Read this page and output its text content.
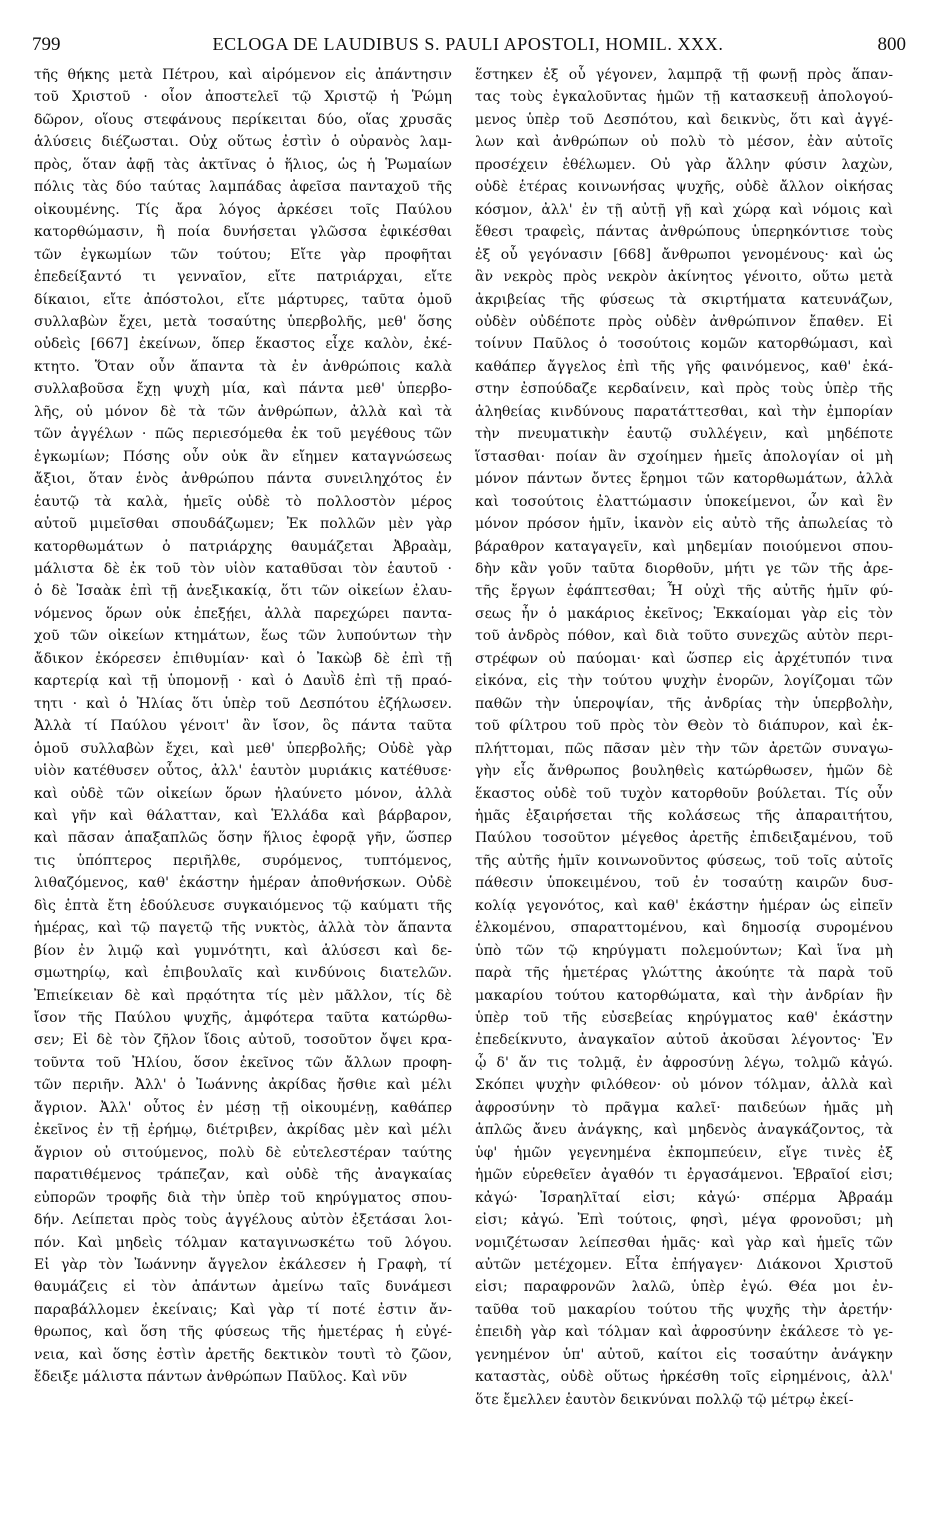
799	ECLOGA DE LAUDIBUS S. PAULI APOSTOLI, HOMIL. XXX.	800
τῆς θήκης μετὰ Πέτρου, καὶ αἱρόμενον εἰς ἀπάντησιν
τοῦ Χριστοῦ · οἷον ἀποστελεῖ τῷ Χριστῷ ἡ Ῥώμη
δῶρον, οἵους στεφάνους περίκειται δύο, οἵας χρυσᾶς
ἁλύσεις διέζωσται. Οὐχ οὕτως ἐστὶν ὁ οὐρανὸς λαμ-
πρὸς, ὅταν ἀφῇ τὰς ἀκτῖνας ὁ ἥλιος, ὡς ἡ Ῥωμαίων
πόλις τὰς δύο ταύτας λαμπάδας ἀφεῖσα πανταχοῦ τῆς
οἰκουμένης. Τίς ἄρα λόγος ἀρκέσει τοῖς Παύλου
κατορθώμασιν, ἢ ποία δυνήσεται γλῶσσα ἐφικέσθαι
τῶν ἐγκωμίων τῶν τούτου; Εἴτε γὰρ προφῆται
ἐπεδείξαντό τι γενναῖον, εἴτε πατριάρχαι, εἴτε
δίκαιοι, εἴτε ἀπόστολοι, εἴτε μάρτυρες, ταῦτα ὁμοῦ
συλλαβὼν ἔχει, μετὰ τοσαύτης ὑπερβολῆς, μεθ' ὅσης
οὐδεὶς [667] ἐκείνων, ὅπερ ἕκαστος εἶχε καλὸν, ἐκέ-
κτητο. Ὅταν οὖν ἅπαντα τὰ ἐν ἀνθρώποις καλὰ
συλλαβοῦσα ἔχῃ ψυχὴ μία, καὶ πάντα μεθ' ὑπερβο-
λῆς, οὐ μόνον δὲ τὰ τῶν ἀνθρώπων, ἀλλὰ καὶ τὰ
τῶν ἀγγέλων · πῶς περιεσόμεθα ἐκ τοῦ μεγέθους τῶν
ἐγκωμίων; Πόσης οὖν οὐκ ἂν εἴημεν καταγνώσεως
ἄξιοι, ὅταν ἑνὸς ἀνθρώπου πάντα συνειληχότος ἐν
ἑαυτῷ τὰ καλὰ, ἡμεῖς οὐδὲ τὸ πολλοστὸν μέρος
αὐτοῦ μιμεῖσθαι σπουδάζωμεν; Ἐκ πολλῶν μὲν γὰρ
κατορθωμάτων ὁ πατριάρχης θαυμάζεται Ἀβραὰμ,
μάλιστα δὲ ἐκ τοῦ τὸν υἱὸν καταθῦσαι τὸν ἑαυτοῦ ·
ὁ δὲ Ἰσαὰκ ἐπὶ τῇ ἀνεξικακίᾳ, ὅτι τῶν οἰκείων ἐλαυ-
νόμενος ὅρων οὐκ ἐπεξῄει, ἀλλὰ παρεχώρει παντα-
χοῦ τῶν οἰκείων κτημάτων, ἕως τῶν λυπούντων τὴν
ἄδικον ἐκόρεσεν ἐπιθυμίαν· καὶ ὁ Ἰακὼβ δὲ ἐπὶ τῇ
καρτερίᾳ καὶ τῇ ὑπομονῇ · καὶ ὁ Δαυῒδ ἐπὶ τῇ πραό-
τητι · καὶ ὁ Ἠλίας ὅτι ὑπὲρ τοῦ Δεσπότου ἐζήλωσεν.
Ἀλλὰ τί Παύλου γένοιτ' ἂν ἴσον, ὃς πάντα ταῦτα
ὁμοῦ συλλαβὼν ἔχει, καὶ μεθ' ὑπερβολῆς; Οὐδὲ γὰρ
υἱὸν κατέθυσεν οὗτος, ἀλλ' ἑαυτὸν μυριάκις κατέθυσε·
καὶ οὐδὲ τῶν οἰκείων ὅρων ἠλαύνετο μόνον, ἀλλὰ
καὶ γῆν καὶ θάλατταν, καὶ Ἑλλάδα καὶ βάρβαρον,
καὶ πᾶσαν ἁπαξαπλῶς ὅσην ἥλιος ἐφορᾷ γῆν, ὥσπερ
τις ὑπόπτερος περιῆλθε, συρόμενος, τυπτόμενος,
λιθαζόμενος, καθ' ἑκάστην ἡμέραν ἀποθνήσκων. Οὐδὲ
δὶς ἑπτὰ ἔτη ἐδούλευσε συγκαιόμενος τῷ καύματι τῆς
ἡμέρας, καὶ τῷ παγετῷ τῆς νυκτὸς, ἀλλὰ τὸν ἅπαντα
βίον ἐν λιμῷ καὶ γυμνότητι, καὶ ἁλύσεσι καὶ δε-
σμωτηρίῳ, καὶ ἐπιβουλαῖς καὶ κινδύνοις διατελῶν.
Ἐπιείκειαν δὲ καὶ πρᾳότητα τίς μὲν μᾶλλον, τίς δὲ
ἴσον τῆς Παύλου ψυχῆς, ἀμφότερα ταῦτα κατώρθω-
σεν; Εἰ δὲ τὸν ζῆλον ἴδοις αὐτοῦ, τοσοῦτον ὄψει κρα-
τοῦντα τοῦ Ἠλίου, ὅσον ἐκεῖνος τῶν ἄλλων προφη-
τῶν περιῆν. Ἀλλ' ὁ Ἰωάννης ἀκρίδας ἤσθιε καὶ μέλι
ἄγριον. Ἀλλ' οὗτος ἐν μέσῃ τῇ οἰκουμένῃ, καθάπερ
ἐκεῖνος ἐν τῇ ἐρήμῳ, διέτριβεν, ἀκρίδας μὲν καὶ μέλι
ἄγριον οὐ σιτούμενος, πολὺ δὲ εὐτελεστέραν ταύτης
παρατιθέμενος τράπεζαν, καὶ οὐδὲ τῆς ἀναγκαίας
εὐπορῶν τροφῆς διὰ τὴν ὑπὲρ τοῦ κηρύγματος σπου-
δήν. Λείπεται πρὸς τοὺς ἀγγέλους αὐτὸν ἐξετάσαι λοι-
πόν. Καὶ μηδεὶς τόλμαν καταγινωσκέτω τοῦ λόγου.
Εἰ γὰρ τὸν Ἰωάννην ἄγγελον ἐκάλεσεν ἡ Γραφὴ, τί
θαυμάζεις εἰ τὸν ἁπάντων ἀμείνω ταῖς δυνάμεσι
παραβάλλομεν ἐκείναις; Καὶ γὰρ τί ποτέ ἐστιν ἄν-
θρωπος, καὶ ὅση τῆς φύσεως τῆς ἡμετέρας ἡ εὐγέ-
νεια, καὶ ὅσης ἐστὶν ἀρετῆς δεκτικὸν τουτὶ τὸ ζῶον,
ἔδειξε μάλιστα πάντων ἀνθρώπων Παῦλος. Καὶ νῦν
ἕστηκεν ἐξ οὗ γέγονεν, λαμπρᾷ τῇ φωνῇ πρὸς ἅπαν-
τας τοὺς ἐγκαλοῦντας ἡμῶν τῇ κατασκευῇ ἀπολογού-
μενος ὑπὲρ τοῦ Δεσπότου, καὶ δεικνὺς, ὅτι καὶ ἀγγέ-
λων καὶ ἀνθρώπων οὐ πολὺ τὸ μέσον, ἐὰν αὐτοῖς
προσέχειν ἐθέλωμεν. Οὐ γὰρ ἄλλην φύσιν λαχὼν,
οὐδὲ ἑτέρας κοινωνήσας ψυχῆς, οὐδὲ ἄλλον οἰκήσας
κόσμον, ἀλλ' ἐν τῇ αὐτῇ γῇ καὶ χώρᾳ καὶ νόμοις καὶ
ἔθεσι τραφεὶς, πάντας ἀνθρώπους ὑπερηκόντισε τοὺς
ἐξ οὗ γεγόνασιν [668] ἄνθρωποι γενομένους· καὶ ὡς
ἂν νεκρὸς πρὸς νεκρὸν ἀκίνητος γένοιτο, οὕτω μετὰ
ἀκριβείας τῆς φύσεως τὰ σκιρτήματα κατευνάζων,
οὐδὲν οὐδέποτε πρὸς οὐδὲν ἀνθρώπινον ἔπαθεν. Εἰ
τοίνυν Παῦλος ὁ τοσούτοις κομῶν κατορθώμασι, καὶ
καθάπερ ἄγγελος ἐπὶ τῆς γῆς φαινόμενος, καθ' ἑκά-
στην ἐσπούδαζε κερδαίνειν, καὶ πρὸς τοὺς ὑπὲρ τῆς
ἀληθείας κινδύνους παρατάττεσθαι, καὶ τὴν ἐμπορίαν
τὴν πνευματικὴν ἑαυτῷ συλλέγειν, καὶ μηδέποτε
ἵστασθαι· ποίαν ἂν σχοίημεν ἡμεῖς ἀπολογίαν οἱ μὴ
μόνον πάντων ὄντες ἔρημοι τῶν κατορθωμάτων, ἀλλὰ
καὶ τοσούτοις ἐλαττώμασιν ὑποκείμενοι, ὧν καὶ ἓν
μόνον πρόσον ἡμῖν, ἱκανὸν εἰς αὐτὸ τῆς ἀπωλείας τὸ
βάραθρον καταγαγεῖν, καὶ μηδεμίαν ποιούμενοι σπου-
δὴν κἂν γοῦν ταῦτα διορθοῦν, μήτι γε τῶν τῆς ἀρε-
τῆς ἔργων ἐφάπτεσθαι; Ἦ οὐχὶ τῆς αὐτῆς ἡμῖν φύ-
σεως ἦν ὁ μακάριος ἐκεῖνος; Ἐκκαίομαι γὰρ εἰς τὸν
τοῦ ἀνδρὸς πόθον, καὶ διὰ τοῦτο συνεχῶς αὐτὸν περι-
στρέφων οὐ παύομαι· καὶ ὥσπερ εἰς ἀρχέτυπόν τινα
εἰκόνα, εἰς τὴν τούτου ψυχὴν ἐνορῶν, λογίζομαι τῶν
παθῶν τὴν ὑπεροψίαν, τῆς ἀνδρίας τὴν ὑπερβολὴν,
τοῦ φίλτρου τοῦ πρὸς τὸν Θεὸν τὸ διάπυρον, καὶ ἐκ-
πλήττομαι, πῶς πᾶσαν μὲν τὴν τῶν ἀρετῶν συναγω-
γὴν εἷς ἄνθρωπος βουληθεὶς κατώρθωσεν, ἡμῶν δὲ
ἕκαστος οὐδὲ τοῦ τυχὸν κατορθοῦν βούλεται. Τίς οὖν
ἡμᾶς ἐξαιρήσεται τῆς κολάσεως τῆς ἀπαραιτήτου,
Παύλου τοσοῦτον μέγεθος ἀρετῆς ἐπιδειξαμένου, τοῦ
τῆς αὐτῆς ἡμῖν κοινωνοῦντος φύσεως, τοῦ τοῖς αὐτοῖς
πάθεσιν ὑποκειμένου, τοῦ ἐν τοσαύτῃ καιρῶν δυσ-
κολίᾳ γεγονότος, καὶ καθ' ἑκάστην ἡμέραν ὡς εἰπεῖν
ἑλκομένου, σπαραττομένου, καὶ δημοσίᾳ συρομένου
ὑπὸ τῶν τῷ κηρύγματι πολεμούντων; Καὶ ἵνα μὴ
παρὰ τῆς ἡμετέρας γλώττης ἀκούητε τὰ παρὰ τοῦ
μακαρίου τούτου κατορθώματα, καὶ τὴν ἀνδρίαν ἣν
ὑπὲρ τοῦ τῆς εὐσεβείας κηρύγματος καθ' ἑκάστην
ἐπεδείκνυτο, ἀναγκαῖον αὐτοῦ ἀκοῦσαι λέγοντος· Ἐν
ᾧ δ' ἄν τις τολμᾷ, ἐν ἀφροσύνῃ λέγω, τολμῶ κἀγώ.
Σκόπει ψυχὴν φιλόθεον· οὐ μόνον τόλμαν, ἀλλὰ καὶ
ἀφροσύνην τὸ πρᾶγμα καλεῖ· παιδεύων ἡμᾶς μὴ
ἁπλῶς ἄνευ ἀνάγκης, καὶ μηδενὸς ἀναγκάζοντος, τὰ
ὑφ' ἡμῶν γεγενημένα ἐκπομπεύειν, εἴγε τινὲς ἐξ
ἡμῶν εὑρεθεῖεν ἀγαθόν τι ἐργασάμενοι. Ἑβραῖοί εἰσι;
κἀγώ· Ἰσραηλῖταί εἰσι; κἀγώ· σπέρμα Ἀβραάμ
εἰσι; κἀγώ. Ἐπὶ τούτοις, φησὶ, μέγα φρονοῦσι; μὴ
νομιζέτωσαν λείπεσθαι ἡμᾶς· καὶ γὰρ καὶ ἡμεῖς τῶν
αὐτῶν μετέχομεν. Εἶτα ἐπήγαγεν· Διάκονοι Χριστοῦ
εἰσι; παραφρονῶν λαλῶ, ὑπὲρ ἐγώ. Θέα μοι ἐν-
ταῦθα τοῦ μακαρίου τούτου τῆς ψυχῆς τὴν ἀρετήν·
ἐπειδὴ γὰρ καὶ τόλμαν καὶ ἀφροσύνην ἐκάλεσε τὸ γε-
γενημένον ὑπ' αὐτοῦ, καίτοι εἰς τοσαύτην ἀνάγκην
καταστὰς, οὐδὲ οὕτως ἠρκέσθη τοῖς εἰρημένοις, ἀλλ'
ὅτε ἔμελλεν ἑαυτὸν δεικνύναι πολλῷ τῷ μέτρῳ ἐκεί-
